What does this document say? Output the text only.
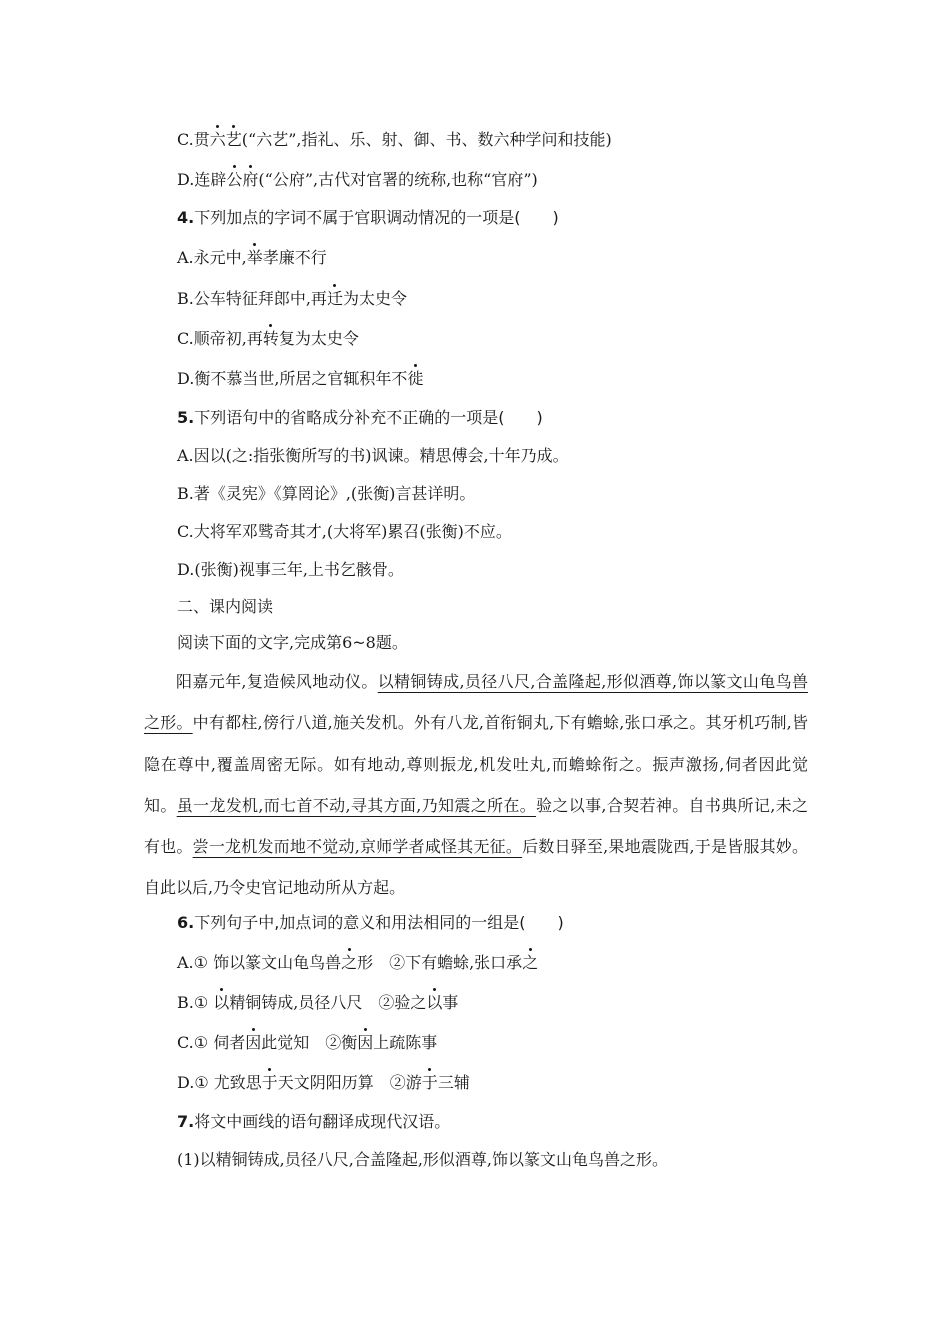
C.贯六艺(“六艺”,指礼、乐、射、御、书、数六种学问和技能)
D.连辟公府(“公府”,古代对官署的统称,也称“官府”)
4.下列加点的字词不属于官职调动情况的一项是(　　)
A.永元中,举孝廉不行
B.公车特征拜郎中,再迁为太史令
C.顺帝初,再转复为太史令
D.衡不慕当世,所居之官辄积年不徙
5.下列语句中的省略成分补充不正确的一项是(　　)
A.因以(之:指张衡所写的书)讽谏。精思傅会,十年乃成。
B.著《灵宪》《算罔论》,(张衡)言甚详明。
C.大将军邓骘奇其才,(大将军)累召(张衡)不应。
D.(张衡)视事三年,上书乞骸骨。
二、课内阅读
阅读下面的文字,完成第6~8题。
阳嘉元年,复造候风地动仪。以精铜铸成,员径八尺,合盖隆起,形似酒尊,饰以篆文山龟鸟兽之形。中有都柱,傍行八道,施关发机。外有八龙,首衔铜丸,下有蟾蜍,张口承之。其牙机巧制,皆隐在尊中,覆盖周密无际。如有地动,尊则振龙,机发吐丸,而蟾蜍衔之。振声激扬,伺者因此觉知。虽一龙发机,而七首不动,寻其方面,乃知震之所在。验之以事,合契若神。自书典所记,未之有也。尝一龙机发而地不觉动,京师学者咸怪其无征。后数日驿至,果地震陇西,于是皆服其妙。自此以后,乃令史官记地动所从方起。
6.下列句子中,加点词的意义和用法相同的一组是(　　)
A.① 饰以篆文山龟鸟兽之形　②下有蟾蜍,张口承之
B.① 以精铜铸成,员径八尺　②验之以事
C.① 伺者因此觉知　②衡因上疏陈事
D.① 尤致思于天文阴阳历算　②游于三辅
7.将文中画线的语句翻译成现代汉语。
(1)以精铜铸成,员径八尺,合盖隆起,形似酒尊,饰以篆文山龟鸟兽之形。
